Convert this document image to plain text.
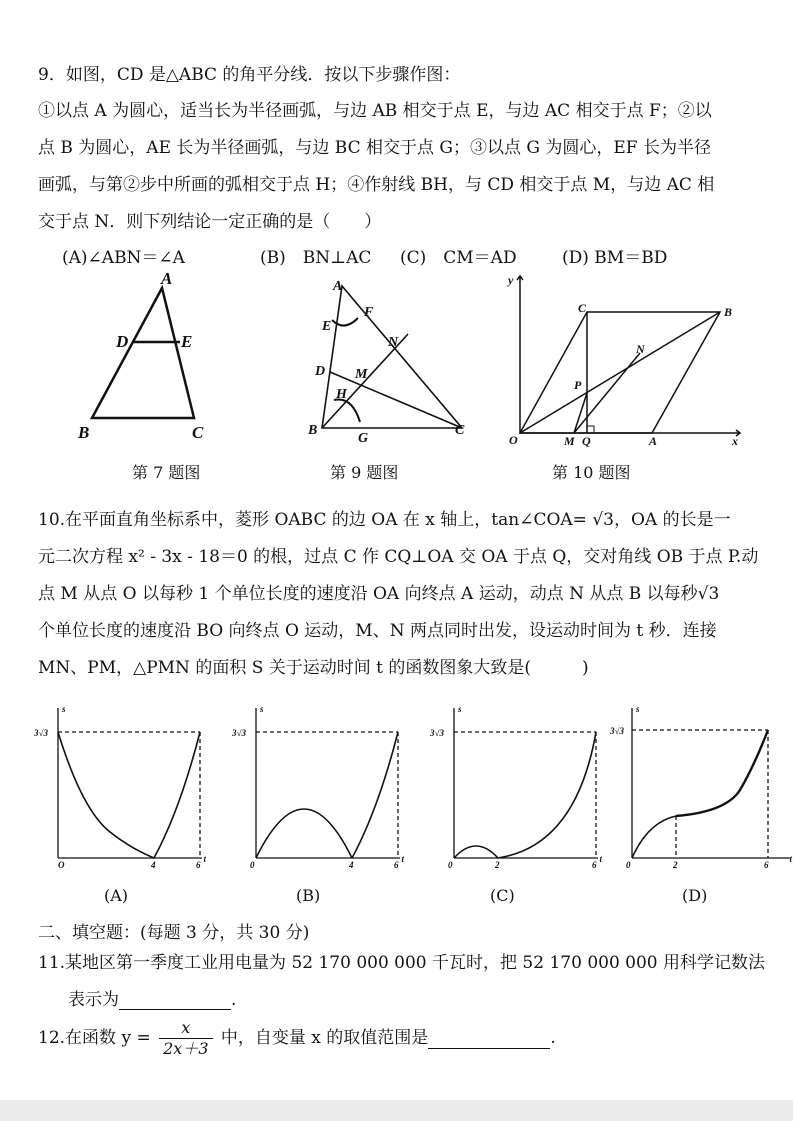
9．如图，CD 是△ABC 的角平分线．按以下步骤作图：
①以点 A 为圆心，适当长为半径画弧，与边 AB 相交于点 E，与边 AC 相交于点 F；②以
点 B 为圆心，AE 长为半径画弧，与边 BC 相交于点 G；③以点 G 为圆心，EF 长为半径
画弧，与第②步中所画的弧相交于点 H；④作射线 BH，与 CD 相交于点 M，与边 AC 相
交于点 N．则下列结论一定正确的是（　　）
(A)∠ABN＝∠A	(B)　BN⊥AC (C)　CM＝AD	(D) BM＝BD
A
D	E
B	C
第 7 题图
A
F
E
N
D M
H
B
G
C
第 9 题图
y
C	B
N
P
O	M Q	A	x
第 10 题图
10.在平面直角坐标系中，菱形 OABC 的边 OA 在 x 轴上，tan∠COA= √3，OA 的长是一
元二次方程 x² - 3x - 18＝0 的根，过点 C 作 CQ⊥OA 交 OA 于点 Q，交对角线 OB 于点 P.动
点 M 从点 O 以每秒 1 个单位长度的速度沿 OA 向终点 A 运动，动点 N 从点 B 以每秒√3
个单位长度的速度沿 BO 向终点 O 运动，M、N 两点同时出发，设运动时间为 t 秒．连接
MN、PM，△PMN 的面积 S 关于运动时间 t 的函数图象大致是(　　　)
s
3√3
O	4	6
t
s
3√3
0	4	6
t
s
3√3
0	2	6
t
s
3√3
0	2	6
t
(A)	(B)	(C)	(D)
二、填空题：(每题 3 分，共 30 分)
11.某地区第一季度工业用电量为 52 170 000 000 千瓦时，把 52 170 000 000 用科学记数法
表示为	.
12.在函数 $y = \frac{x}{2x+3}$ 中，自变量 x 的取值范围是	.
